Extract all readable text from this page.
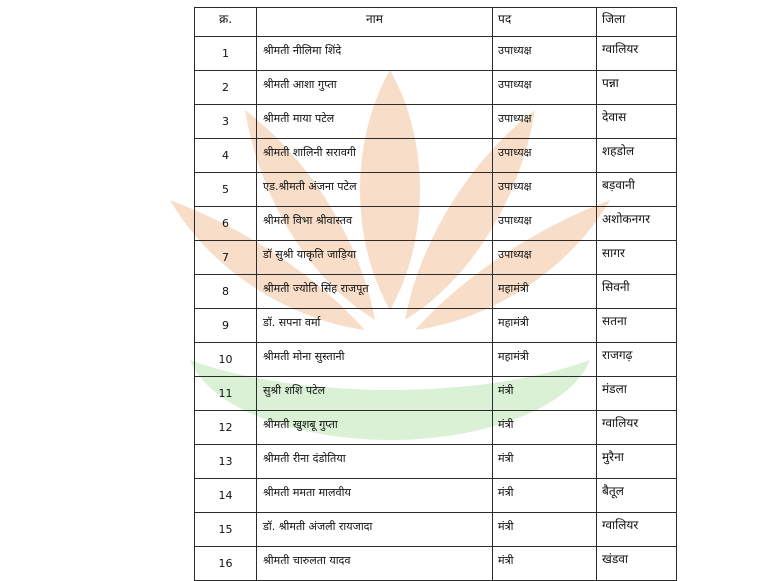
क्र.	नाम	पद	जिला
1	श्रीमती नीलिमा शिंदे	उपाध्यक्ष	ग्वालियर
2	श्रीमती आशा गुप्ता	उपाध्यक्ष	पन्ना
3	श्रीमती माया पटेल	उपाध्यक्ष	देवास
4	श्रीमती शालिनी सरावगी	उपाध्यक्ष	शहडोल
5	एड.श्रीमती अंजना पटेल	उपाध्यक्ष	बड़वानी
6	श्रीमती विभा श्रीवास्तव	उपाध्यक्ष	अशोकनगर
7	डॉ सुश्री याकृति जाड़िया	उपाध्यक्ष	सागर
8	श्रीमती ज्योति सिंह राजपूत	महामंत्री	सिवनी
9	डॉ. सपना वर्मा	महामंत्री	सतना
10	श्रीमती मोना सुस्तानी	महामंत्री	राजगढ़
11	सुश्री शशि पटेल	मंत्री	मंडला
12	श्रीमती खुशबू गुप्ता	मंत्री	ग्वालियर
13	श्रीमती रीना दंडोतिया	मंत्री	मुरैना
14	श्रीमती ममता मालवीय	मंत्री	बैतूल
15	डॉ. श्रीमती अंजली रायजादा	मंत्री	ग्वालियर
16	श्रीमती चारुलता यादव	मंत्री	खंडवा
